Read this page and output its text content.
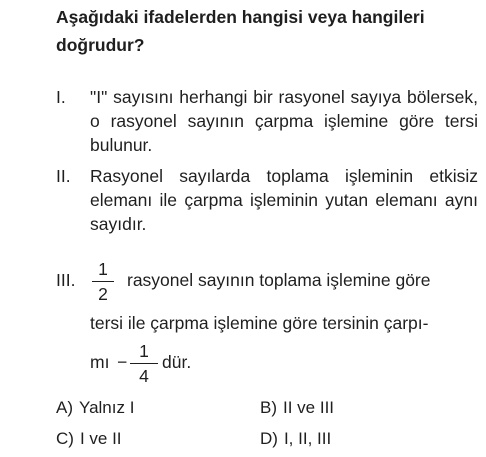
Aşağıdaki ifadelerden hangisi veya hangileri
doğrudur?
I. "I" sayısını herhangi bir rasyonel sayıya bölersek, o rasyonel sayının çarpma işlemine göre tersi bulunur.
II. Rasyonel sayılarda toplama işleminin etkisiz elemanı ile çarpma işleminin yutan elemanı aynı sayıdır.
III.
1
2
rasyonel sayının toplama işlemine göre
tersi ile çarpma işlemine göre tersinin çarpı-
mı −
1
4
dür.
A) Yalnız I	B) II ve III
C) I ve II	D) I, II, III
